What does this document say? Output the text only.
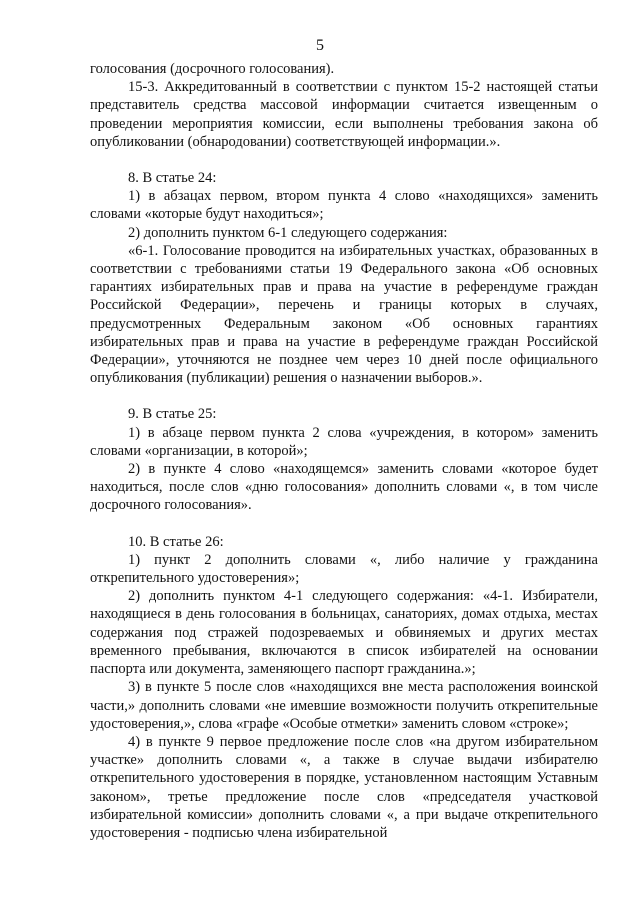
5

голосования (досрочного голосования).

15-3. Аккредитованный в соответствии с пунктом 15-2 настоящей статьи представитель средства массовой информации считается извещенным о проведении мероприятия комиссии, если выполнены требования закона об опубликовании (обнародовании) соответствующей информации.».

8. В статье 24:

1) в абзацах первом, втором пункта 4 слово «находящихся» заменить словами «которые будут находиться»;

2) дополнить пунктом 6-1 следующего содержания:

«6-1. Голосование проводится на избирательных участках, образованных в соответствии с требованиями статьи 19 Федерального закона «Об основных гарантиях избирательных прав и права на участие в референдуме граждан Российской Федерации», перечень и границы которых в случаях, предусмотренных Федеральным законом «Об основных гарантиях избирательных прав и права на участие в референдуме граждан Российской Федерации», уточняются не позднее чем через 10 дней после официального опубликования (публикации) решения о назначении выборов.».

9. В статье 25:

1) в абзаце первом пункта 2 слова «учреждения, в котором» заменить словами «организации, в которой»;

2) в пункте 4 слово «находящемся» заменить словами «которое будет находиться, после слов «дню голосования» дополнить словами «, в том числе досрочного голосования».

10. В статье 26:

1) пункт 2 дополнить словами «, либо наличие у гражданина открепительного удостоверения»;

2) дополнить пунктом 4-1 следующего содержания: «4-1. Избиратели, находящиеся в день голосования в больницах, санаториях, домах отдыха, местах содержания под стражей подозреваемых и обвиняемых и других местах временного пребывания, включаются в список избирателей на основании паспорта или документа, заменяющего паспорт гражданина.»;

3) в пункте 5 после слов «находящихся вне места расположения воинской части,» дополнить словами «не имевшие возможности получить открепительные удостоверения,», слова «графе «Особые отметки» заменить словом «строке»;

4) в пункте 9 первое предложение после слов «на другом избирательном участке» дополнить словами «, а также в случае выдачи избирателю открепительного удостоверения в порядке, установленном настоящим Уставным законом», третье предложение после слов «председателя участковой избирательной комиссии» дополнить словами «, а при выдаче открепительного удостоверения - подписью члена избирательной
